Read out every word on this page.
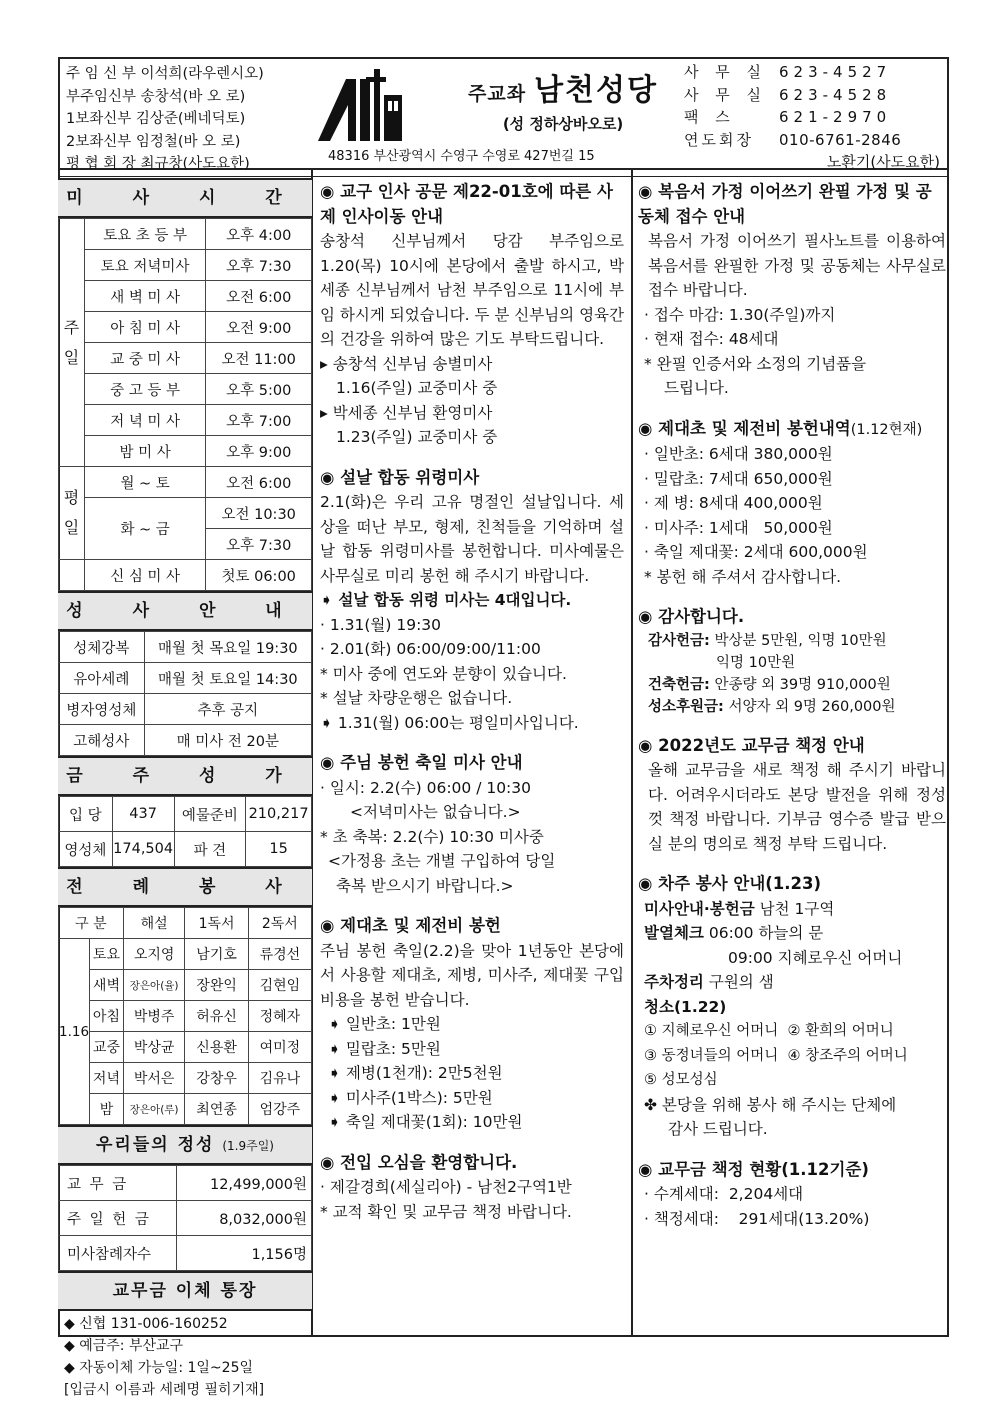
주 임 신 부 이석희(라우렌시오)
부주임신부 송창석(바 오 로)
1보좌신부 김상준(베네딕토)
2보좌신부 임정철(바 오 로)
평 협 회 장 최규창(사도요한)
주교좌 남천성당
(성 정하상바오로)
48316 부산광역시 수영구 수영로 427번길 15
사 무 실 623-4527
사 무 실 623-4528
팩 스	621-2970
연도회장	010-6761-2846
노환기(사도요한)
미 사 시 간
주
일	토요 초 등 부	오후 4:00
	토요 저녁미사	오후 7:30
	새 벽 미 사	오전 6:00
	아 침 미 사	오전 9:00
	교 중 미 사	오전 11:00
	중 고 등 부	오후 5:00
	저 녁 미 사	오후 7:00
	밤 미 사	오후 9:00
평
일	월 ~ 토	오전 6:00
	화 ~ 금	오전 10:30
		오후 7:30
	신 심 미 사	첫토 06:00
성 사 안 내
성체강복	매월 첫 목요일 19:30
유아세례	매월 첫 토요일 14:30
병자영성체	추후 공지
고해성사	매 미사 전 20분
금 주 성 가
입 당	437	예물준비	210,217
영성체	174,504	파 견	15
전 례 봉 사
구 분		해설	1독서	2독서
1.16	토요	오지영	남기호	류경선
	새벽	장은아(율)	장완익	김현임
	아침	박병주	허유신	정혜자
	교중	박상균	신용환	여미정
	저녁	박서은	강창우	김유나
	밤	장은아(루)	최연종	엄강주
우리들의 정성 (1.9주일)
교 무 금	12,499,000원
주 일 헌 금	8,032,000원
미사참례자수	1,156명
교무금 이체 통장
◆ 신협 131-006-160252
◆ 예금주: 부산교구
◆ 자동이체 가능일: 1일~25일
[입금시 이름과 세례명 필히기재]
◉ 교구 인사 공문 제22-01호에 따른 사제 인사이동 안내

송창석 신부님께서 당감 부주임으로 1.20(목) 10시에 본당에서 출발 하시고, 박세종 신부님께서 남천 부주임으로 11시에 부임 하시게 되었습니다. 두 분 신부님의 영육간의 건강을 위하여 많은 기도 부탁드립니다.

▸ 송창석 신부님 송별미사
1.16(주일) 교중미사 중
▸ 박세종 신부님 환영미사
1.23(주일) 교중미사 중
◉ 설날 합동 위령미사

2.1(화)은 우리 고유 명절인 설날입니다. 세상을 떠난 부모, 형제, 친척들을 기억하며 설날 합동 위령미사를 봉헌합니다. 미사예물은 사무실로 미리 봉헌 해 주시기 바랍니다.

➧ 설날 합동 위령 미사는 4대입니다.
· 1.31(월) 19:30
· 2.01(화) 06:00/09:00/11:00
* 미사 중에 연도와 분향이 있습니다.
* 설날 차량운행은 없습니다.
➧ 1.31(월) 06:00는 평일미사입니다.
◉ 주님 봉헌 축일 미사 안내
· 일시: 2.2(수) 06:00 / 10:30
<저녁미사는 없습니다.>
* 초 축복: 2.2(수) 10:30 미사중
<가정용 초는 개별 구입하여 당일
축복 받으시기 바랍니다.>
◉ 제대초 및 제전비 봉헌

주님 봉헌 축일(2.2)을 맞아 1년동안 본당에서 사용할 제대초, 제병, 미사주, 제대꽃 구입 비용을 봉헌 받습니다.

➧ 일반초: 1만원
➧ 밀랍초: 5만원
➧ 제병(1천개): 2만5천원
➧ 미사주(1박스): 5만원
➧ 축일 제대꽃(1회): 10만원
◉ 전입 오심을 환영합니다.
· 제갈경희(세실리아) - 남천2구역1반
* 교적 확인 및 교무금 책정 바랍니다.
◉ 복음서 가정 이어쓰기 완필 가정 및 공동체 접수 안내

복음서 가정 이어쓰기 필사노트를 이용하여 복음서를 완필한 가정 및 공동체는 사무실로 접수 바랍니다.

· 접수 마감: 1.30(주일)까지
· 현재 접수: 48세대
* 완필 인증서와 소정의 기념품을
드립니다.
◉ 제대초 및 제전비 봉헌내역(1.12현재)
· 일반초: 6세대 380,000원
· 밀랍초: 7세대 650,000원
· 제 병: 8세대 400,000원
· 미사주: 1세대   50,000원
· 축일 제대꽃: 2세대 600,000원
* 봉헌 해 주셔서 감사합니다.
◉ 감사합니다.
감사헌금: 박상분 5만원, 익명 10만원
익명 10만원
건축헌금: 안종량 외 39명 910,000원
성소후원금: 서양자 외 9명 260,000원
◉ 2022년도 교무금 책정 안내

올해 교무금을 새로 책정 해 주시기 바랍니다. 어려우시더라도 본당 발전을 위해 정성껏 책정 바랍니다. 기부금 영수증 발급 받으실 분의 명의로 책정 부탁 드립니다.

◉ 차주 봉사 안내(1.23)
미사안내·봉헌금 남천 1구역
발열체크 06:00 하늘의 문
09:00 지혜로우신 어머니
주차정리 구원의 샘
청소(1.22)
① 지혜로우신 어머니  ② 환희의 어머니
③ 동정녀들의 어머니  ④ 창조주의 어머니
⑤ 성모성심
✤ 본당을 위해 봉사 해 주시는 단체에
감사 드립니다.
◉ 교무금 책정 현황(1.12기준)
· 수계세대:  2,204세대
· 책정세대:    291세대(13.20%)
